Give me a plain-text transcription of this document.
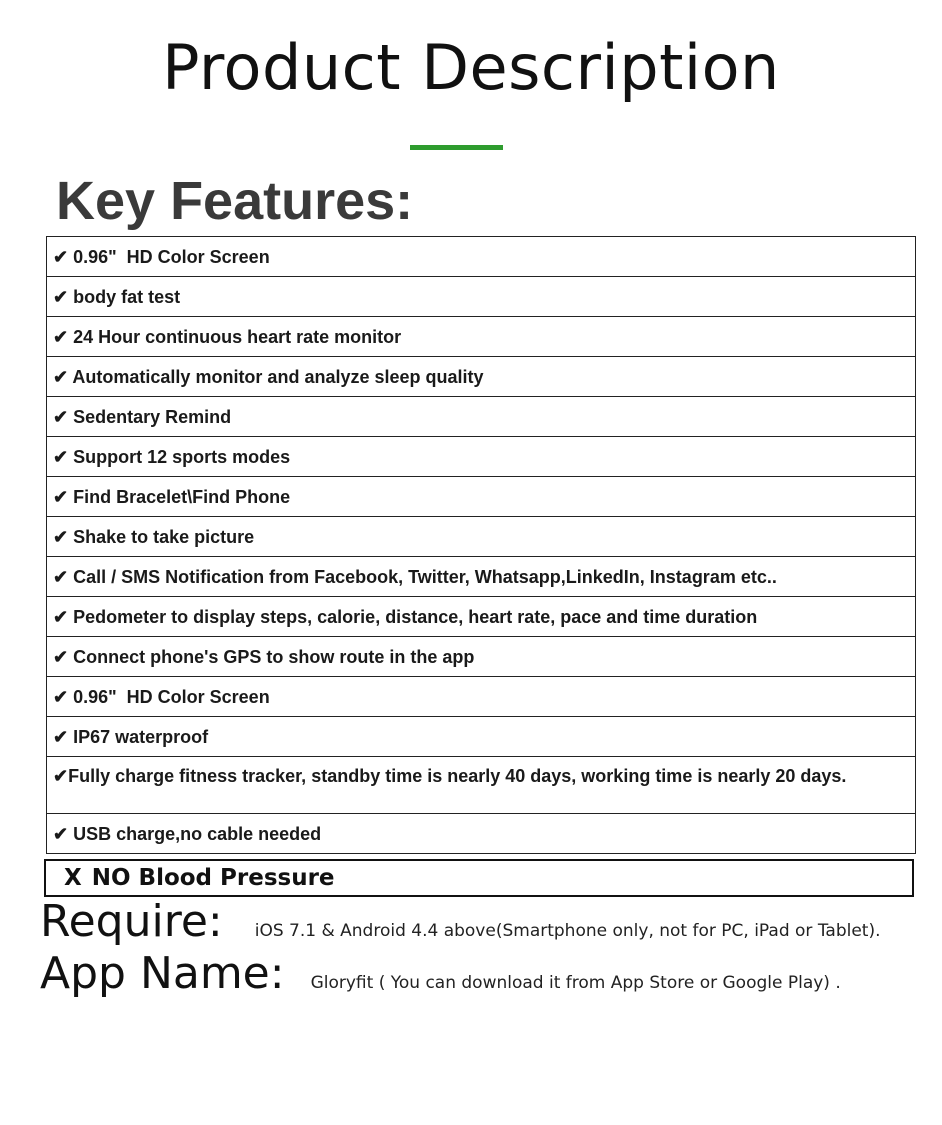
Product Description
Key Features:
✔ 0.96"  HD Color Screen
✔ body fat test
✔ 24 Hour continuous heart rate monitor
✔ Automatically monitor and analyze sleep quality
✔ Sedentary Remind
✔ Support 12 sports modes
✔ Find Bracelet\Find Phone
✔ Shake to take picture
✔ Call / SMS Notification from Facebook, Twitter, Whatsapp,LinkedIn, Instagram etc..
✔ Pedometer to display steps, calorie, distance, heart rate, pace and time duration
✔ Connect phone's GPS to show route in the app
✔ 0.96"  HD Color Screen
✔ IP67 waterproof
✔Fully charge fitness tracker, standby time is nearly 40 days, working time is nearly 20 days.
✔ USB charge,no cable needed
X NO Blood Pressure
Require: iOS 7.1 & Android 4.4 above(Smartphone only, not for PC, iPad or Tablet).
App Name: Gloryfit ( You can download it from App Store or Google Play) .
